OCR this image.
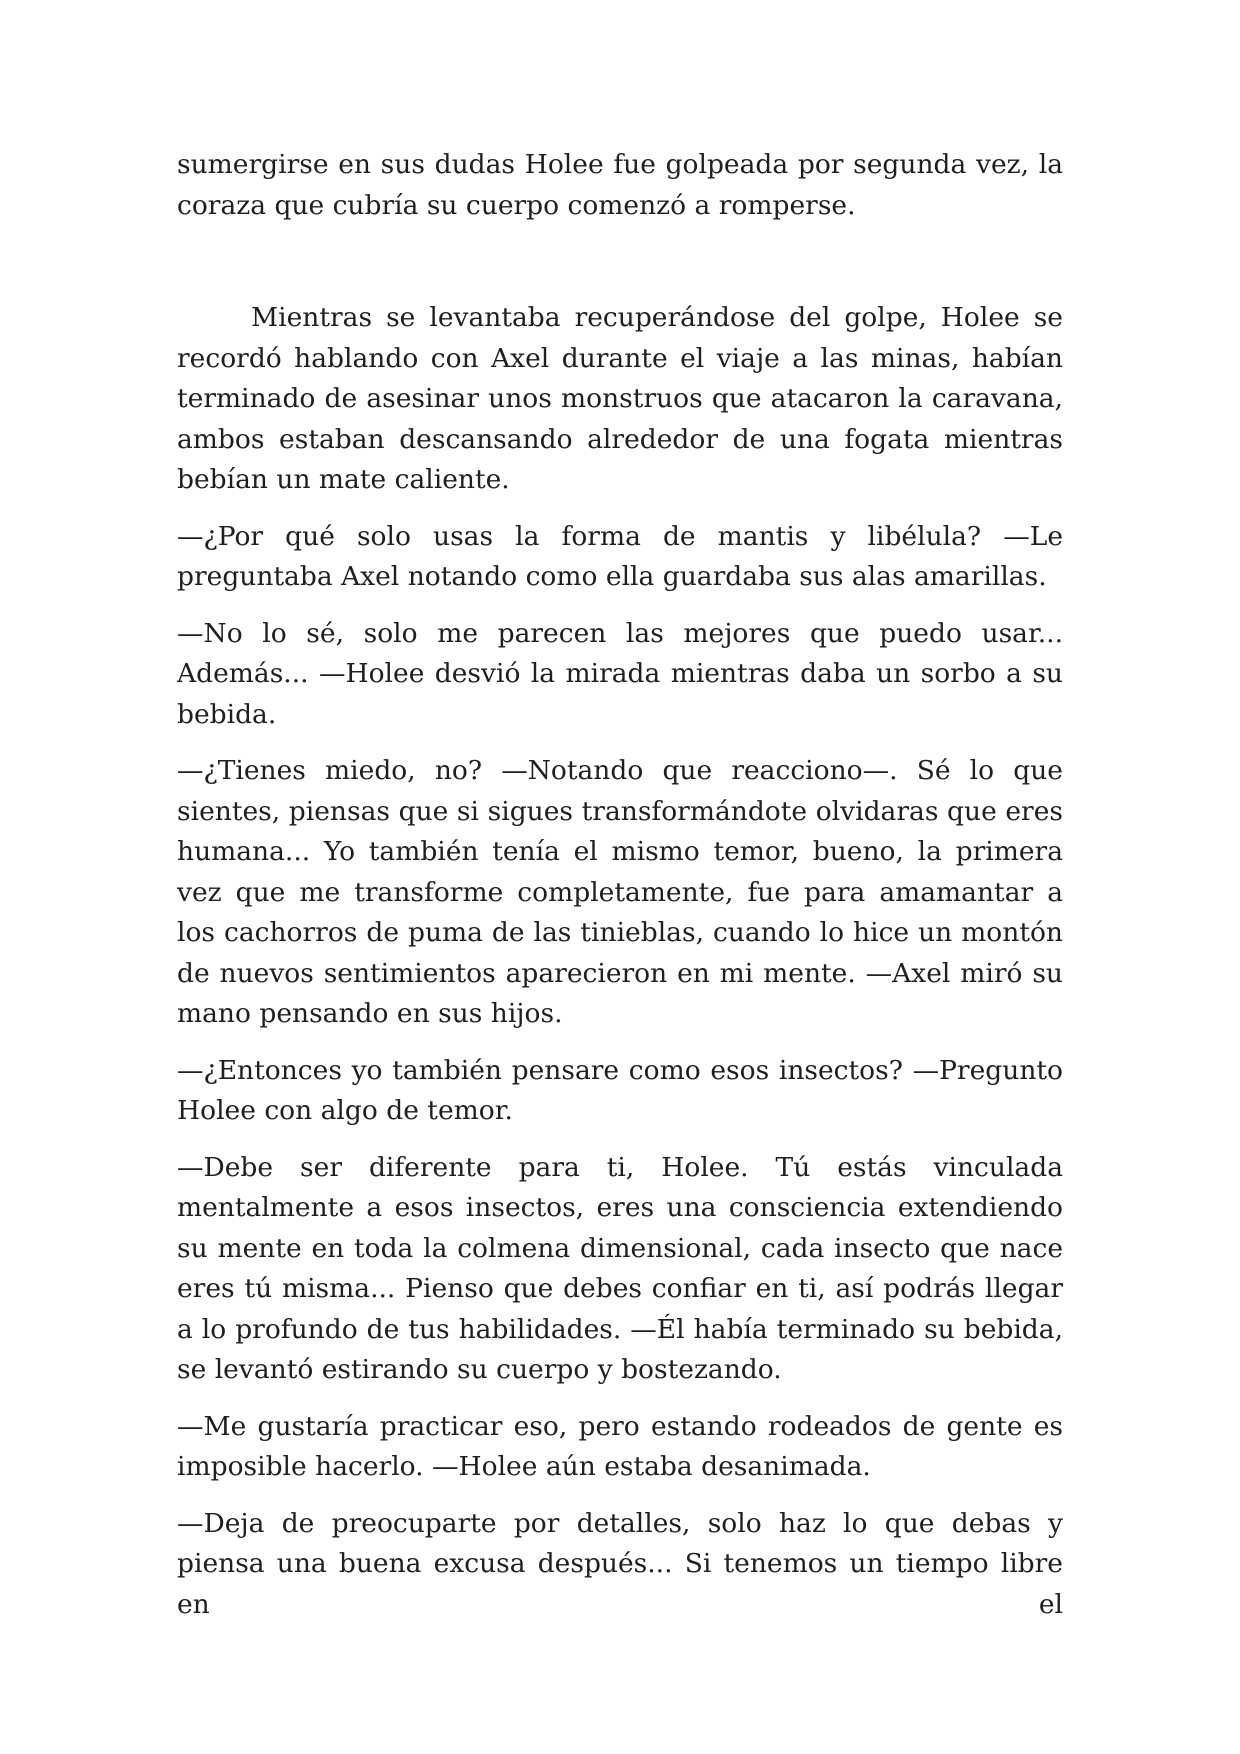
sumergirse en sus dudas Holee fue golpeada por segunda vez, la coraza que cubría su cuerpo comenzó a romperse.

Mientras se levantaba recuperándose del golpe, Holee se recordó hablando con Axel durante el viaje a las minas, habían terminado de asesinar unos monstruos que atacaron la caravana, ambos estaban descansando alrededor de una fogata mientras bebían un mate caliente.

—¿Por qué solo usas la forma de mantis y libélula? —Le preguntaba Axel notando como ella guardaba sus alas amarillas.

—No lo sé, solo me parecen las mejores que puedo usar... Además... —Holee desvió la mirada mientras daba un sorbo a su bebida.

—¿Tienes miedo, no? —Notando que reacciono—. Sé lo que sientes, piensas que si sigues transformándote olvidaras que eres humana... Yo también tenía el mismo temor, bueno, la primera vez que me transforme completamente, fue para amamantar a los cachorros de puma de las tinieblas, cuando lo hice un montón de nuevos sentimientos aparecieron en mi mente. —Axel miró su mano pensando en sus hijos.

—¿Entonces yo también pensare como esos insectos? —Pregunto Holee con algo de temor.

—Debe ser diferente para ti, Holee. Tú estás vinculada mentalmente a esos insectos, eres una consciencia extendiendo su mente en toda la colmena dimensional, cada insecto que nace eres tú misma... Pienso que debes confiar en ti, así podrás llegar a lo profundo de tus habilidades. —Él había terminado su bebida, se levantó estirando su cuerpo y bostezando.

—Me gustaría practicar eso, pero estando rodeados de gente es imposible hacerlo. —Holee aún estaba desanimada.

—Deja de preocuparte por detalles, solo haz lo que debas y piensa una buena excusa después... Si tenemos un tiempo libre en el
